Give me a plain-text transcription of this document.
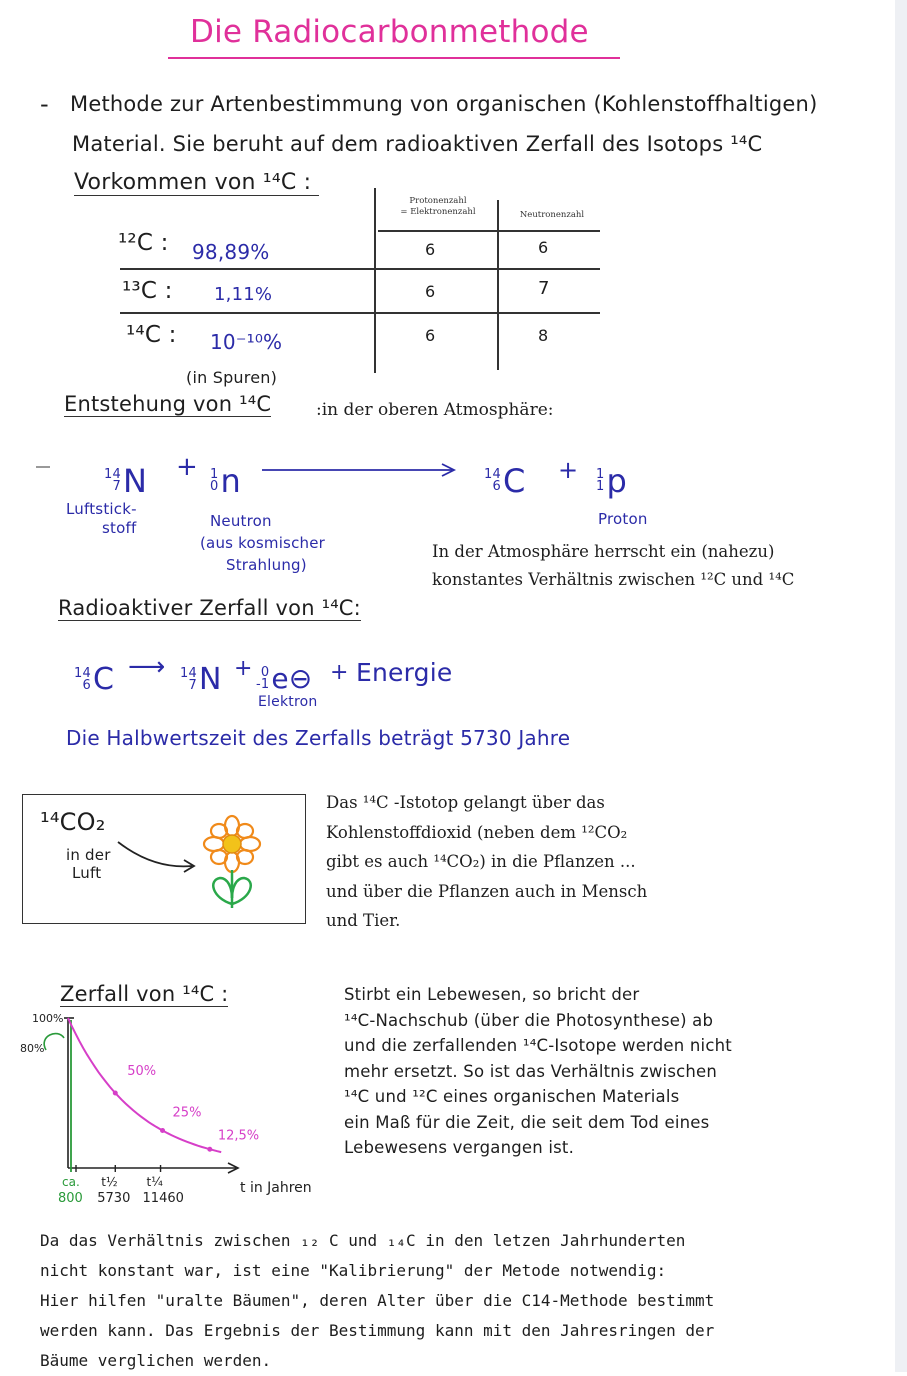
Die Radiocarbonmethode
- Methode zur Artenbestimmung von organischen (Kohlenstoffhaltigen)
Material. Sie beruht auf dem radioaktiven Zerfall des Isotops ¹⁴C
Vorkommen von ¹⁴C :
Protonenzahl
= Elektronenzahl	Neutronenzahl
¹²C : 98,89%	6	6
¹³C : 1,11%	6	7
¹⁴C : 10⁻¹⁰%	6	8
(in Spuren)
Entstehung von ¹⁴C	:in der oberen Atmosphäre:
14
7 N + 1
0 n	14
6 C + 1
1 p
Luftstick-
stoff	Neutron
(aus kosmischer
Strahlung)
Proton
In der Atmosphäre herrscht ein (nahezu)
konstantes Verhältnis zwischen ¹²C und ¹⁴C
Radioaktiver Zerfall von ¹⁴C:
14
6 C ⟶ 14
7 N + 0
-1 e⊖ + Energie
Elektron
Die Halbwertszeit des Zerfalls beträgt 5730 Jahre
¹⁴CO₂
in der
Luft
Das ¹⁴C -Istotop gelangt über das
Kohlenstoffdioxid (neben dem ¹²CO₂
gibt es auch ¹⁴CO₂) in die Pflanzen ...
und über die Pflanzen auch in Mensch
und Tier.
Zerfall von ¹⁴C :
50%
25%
12,5%
100%
80%
ca.
800
t½
5730
t¼
11460
t in Jahren
Stirbt ein Lebewesen, so bricht der
¹⁴C-Nachschub (über die Photosynthese) ab
und die zerfallenden ¹⁴C-Isotope werden nicht
mehr ersetzt. So ist das Verhältnis zwischen
¹⁴C und ¹²C eines organischen Materials
ein Maß für die Zeit, die seit dem Tod eines
Lebewesens vergangen ist.
Da das Verhältnis zwischen ₁₂ C und ₁₄C in den letzen Jahrhunderten
nicht konstant war, ist eine "Kalibrierung" der Metode notwendig:
Hier hilfen "uralte Bäumen", deren Alter über die C14-Methode bestimmt
werden kann. Das Ergebnis der Bestimmung kann mit den Jahresringen der
Bäume verglichen werden.
